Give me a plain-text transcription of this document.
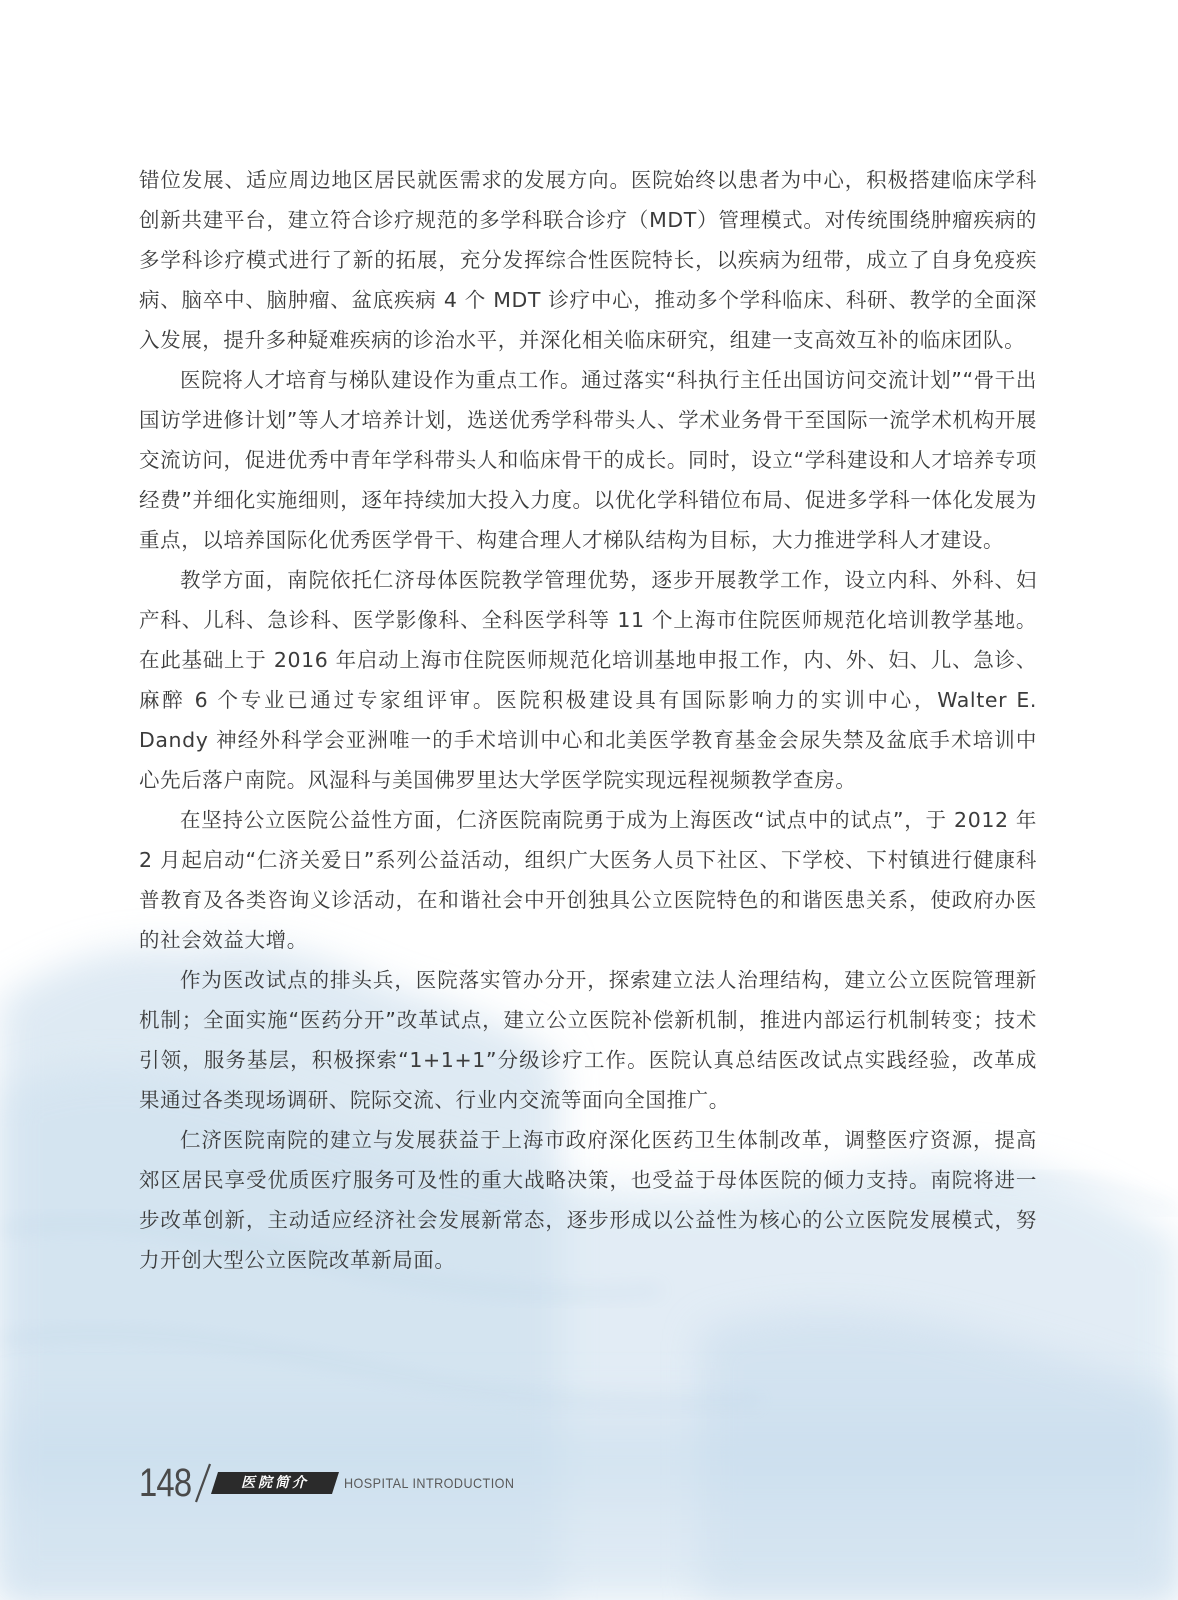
错位发展、适应周边地区居民就医需求的发展方向。医院始终以患者为中心，积极搭建临床学科创新共建平台，建立符合诊疗规范的多学科联合诊疗（MDT）管理模式。对传统围绕肿瘤疾病的多学科诊疗模式进行了新的拓展，充分发挥综合性医院特长，以疾病为纽带，成立了自身免疫疾病、脑卒中、脑肿瘤、盆底疾病 4 个 MDT 诊疗中心，推动多个学科临床、科研、教学的全面深入发展，提升多种疑难疾病的诊治水平，并深化相关临床研究，组建一支高效互补的临床团队。

医院将人才培育与梯队建设作为重点工作。通过落实“科执行主任出国访问交流计划”“骨干出国访学进修计划”等人才培养计划，选送优秀学科带头人、学术业务骨干至国际一流学术机构开展交流访问，促进优秀中青年学科带头人和临床骨干的成长。同时，设立“学科建设和人才培养专项经费”并细化实施细则，逐年持续加大投入力度。以优化学科错位布局、促进多学科一体化发展为重点，以培养国际化优秀医学骨干、构建合理人才梯队结构为目标，大力推进学科人才建设。

教学方面，南院依托仁济母体医院教学管理优势，逐步开展教学工作，设立内科、外科、妇产科、儿科、急诊科、医学影像科、全科医学科等 11 个上海市住院医师规范化培训教学基地。在此基础上于 2016 年启动上海市住院医师规范化培训基地申报工作，内、外、妇、儿、急诊、麻醉 6 个专业已通过专家组评审。医院积极建设具有国际影响力的实训中心，Walter E. Dandy 神经外科学会亚洲唯一的手术培训中心和北美医学教育基金会尿失禁及盆底手术培训中心先后落户南院。风湿科与美国佛罗里达大学医学院实现远程视频教学查房。

在坚持公立医院公益性方面，仁济医院南院勇于成为上海医改“试点中的试点”，于 2012 年 2 月起启动“仁济关爱日”系列公益活动，组织广大医务人员下社区、下学校、下村镇进行健康科普教育及各类咨询义诊活动，在和谐社会中开创独具公立医院特色的和谐医患关系，使政府办医的社会效益大增。

作为医改试点的排头兵，医院落实管办分开，探索建立法人治理结构，建立公立医院管理新机制；全面实施“医药分开”改革试点，建立公立医院补偿新机制，推进内部运行机制转变；技术引领，服务基层，积极探索“1+1+1”分级诊疗工作。医院认真总结医改试点实践经验，改革成果通过各类现场调研、院际交流、行业内交流等面向全国推广。

仁济医院南院的建立与发展获益于上海市政府深化医药卫生体制改革，调整医疗资源，提高郊区居民享受优质医疗服务可及性的重大战略决策，也受益于母体医院的倾力支持。南院将进一步改革创新，主动适应经济社会发展新常态，逐步形成以公益性为核心的公立医院发展模式，努力开创大型公立医院改革新局面。

148	医院简介	HOSPITAL INTRODUCTION
